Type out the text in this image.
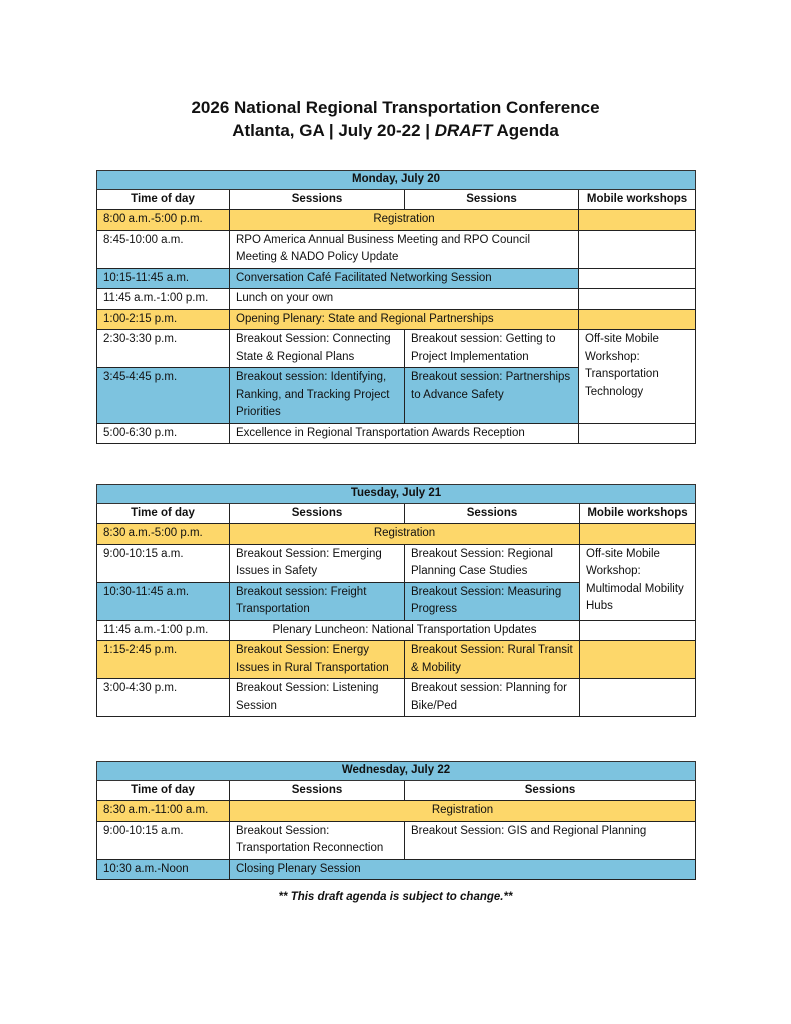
2026 National Regional Transportation Conference
Atlanta, GA | July 20-22 | DRAFT Agenda
Monday, July 20			
Time of day	Sessions	Sessions	Mobile workshops
8:00 a.m.-5:00 p.m.	Registration		
8:45-10:00 a.m.	RPO America Annual Business Meeting and RPO Council Meeting & NADO Policy Update		
10:15-11:45 a.m.	Conversation Café Facilitated Networking Session		
11:45 a.m.-1:00 p.m.	Lunch on your own		
1:00-2:15 p.m.	Opening Plenary: State and Regional Partnerships		
2:30-3:30 p.m.	Breakout Session: Connecting State & Regional Plans	Breakout session: Getting to Project Implementation	Off-site Mobile Workshop: Transportation Technology
3:45-4:45 p.m.	Breakout session: Identifying, Ranking, and Tracking Project Priorities	Breakout session: Partnerships to Advance Safety	
5:00-6:30 p.m.	Excellence in Regional Transportation Awards Reception		
Tuesday, July 21			
Time of day	Sessions	Sessions	Mobile workshops
8:30 a.m.-5:00 p.m.	Registration		
9:00-10:15 a.m.	Breakout Session: Emerging Issues in Safety	Breakout Session: Regional Planning Case Studies	Off-site Mobile Workshop: Multimodal Mobility Hubs
10:30-11:45 a.m.	Breakout session: Freight Transportation	Breakout Session: Measuring Progress	
11:45 a.m.-1:00 p.m.	Plenary Luncheon: National Transportation Updates		
1:15-2:45 p.m.	Breakout Session: Energy Issues in Rural Transportation	Breakout Session: Rural Transit & Mobility	
3:00-4:30 p.m.	Breakout Session: Listening Session	Breakout session: Planning for Bike/Ped	
Wednesday, July 22		
Time of day	Sessions	Sessions
8:30 a.m.-11:00 a.m.	Registration	
9:00-10:15 a.m.	Breakout Session: Transportation Reconnection	Breakout Session: GIS and Regional Planning
10:30 a.m.-Noon	Closing Plenary Session	
** This draft agenda is subject to change.**
